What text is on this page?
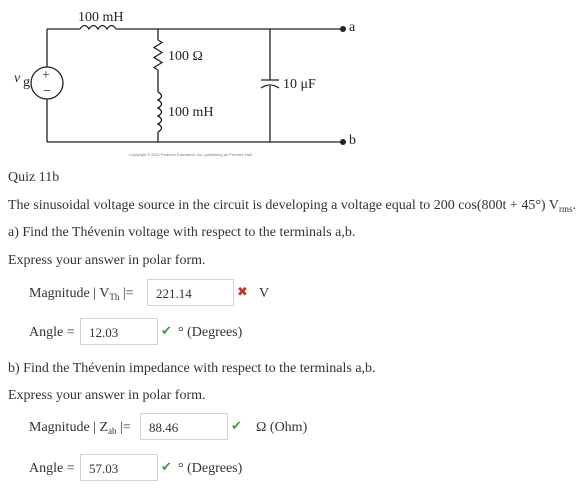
100 mH
100 Ω
100 mH
10 μF
v g +
−
a
b
Copyright © 2011 Pearson Education, Inc. publishing as Prentice Hall
Quiz 11b
The sinusoidal voltage source in the circuit is developing a voltage equal to 200 cos(800t + 45°) $V_{rms}$.
a) Find the Thévenin voltage with respect to the terminals a,b.
Express your answer in polar form.
Magnitude | $V_{Th}$ |=	221.14	✖ V
Angle =	12.03	✔ ° (Degrees)
b) Find the Thévenin impedance with respect to the terminals a,b.
Express your answer in polar form.
Magnitude | $Z_{ab}$ |=	88.46	✔ Ω (Ohm)
Angle =	57.03	✔ ° (Degrees)
